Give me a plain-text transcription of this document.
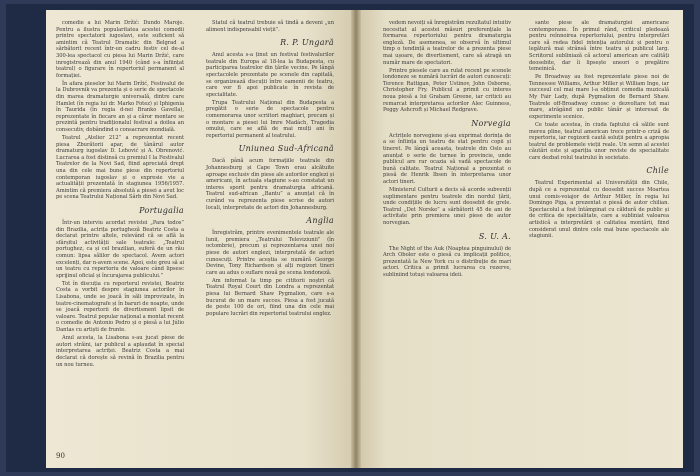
comedie a lui Marin Držić: Dundo Maroje. Pentru a ilustra popularitatea acestei comedii printre spectatorii iugoslavi, este suficient să amintim că Teatrul Dramatic din Belgrad a sărbătorit recent într-un cadru festiv cel de-al 300-lea spectacol cu piesa lui Marin Držić, care inregistrează din anul 1940 (când s-a înființat teatrul) o figurare în repertoriul permanent al formației.

În afara pieselor lui Marin Držić, Festivalul de la Dubrovnik va prezenta și o serie de spectacole din marea dramaturgie universală, dintre care Hamlet (în regia lui dr. Marko Fotez) și Iphigenia în Taurida (în regia d-nei Branko Gavella), reprezentate în fiecare an și a căror montare se prezintă pentru tradiționalul festival a doilea an consecutiv, dobândind o consacrare mondială.

Teatrul „Atelier 212” a reprezentat recent piesa Zburătorii apar, de tânărul autor dramaturg iugoslav D. Lebović și A. Obrenović. Lucrarea a fost distinsă cu premiul I la Festivalul Teatrelor de la Novi Sad, fiind apreciată drept una din cele mai bune piese din repertoriul contemporan iugoslav și o expresie vie a actualității prezentată în stagiunea 1956/1957. Amintim că premiera absolută a piesei a avut loc pe scena Teatrului Național Sârb din Novi Sad.

Portugalia

Într-un interviu acordat revistei „Para todos” din Brazilia, actrița portugheză Beatriz Costa a declarat printre altele, relevând că se află la sfârșitul activității sale teatrale: „Teatrul portughez, ca și cel brazilian, suferă de un rău comun: lipsa sălilor de spectacol. Avem actori excelenți, dar n-avem scene. Apoi, este greu să ai un teatru cu repertoriu de valoare când lipsesc sprijinul oficial și încurajarea publicului.”

Tot în discuția cu reporterul revistei, Beatriz Costa a vorbit despre stagiunea actorilor în Lisabona, unde se joacă în săli improvizate, în teatre-cinematografe și în baruri de noapte, unde se joacă repertorii de divertisment lipsit de valoare. Teatrul popular național a montat recent o comedie de Antonio Pedro și o piesă a lui Júlio Dantas cu artiști de frunte.

Anul acesta, la Lisabona s-au jucat piese de autori străini, iar publicul a aplaudat în special interpretarea actriței. Beatriz Costa a mai declarat că dorește să revină în Brazilia pentru un nou turneu.

Statul că teatrul trebuie să tindă a deveni „un aliment indispensabil vieții”.

R. P. Ungară

Anul acesta s-a ținut un festival festivalurilor teatrale din Europa al 18-lea la Budapesta, cu participarea teatrelor din țările vecine. Pe lângă spectacolele prezentate pe scenele din capitală, se organizează discuții între oamenii de teatru, care vor fi apoi publicate în revista de specialitate.

Trupa Teatrului Național din Budapesta a pregătit o serie de spectacole pentru comemorarea unor scriitori maghiari, precum și o montare a piesei lui Imre Madách, Tragedia omului, care se află de mai mulți ani în repertoriul permanent al teatrului.

Uniunea Sud-Africană

Dacă până acum formațiile teatrale din Johannesburg și Cape Town erau alcătuite aproape exclusiv din piese ale autorilor englezi și americani, în actuala stagiune s-au constatat un interes sporit pentru dramaturgia africană. Teatrul sud-african „Bantu” a anunțat că în curând va reprezenta piese scrise de autori locali, interpretate de actori din Johannesburg.

Anglia

Înregistrăm, printre evenimentele teatrale ale lunii, premiera „Teatrului Televiziunii” (în octombrie), precum și reprezentarea unei noi piese de autori englezi, interpretată de actori cunoscuți. Printre aceștia se numără George Devine, Tony Richardson și alți regizori tineri care au adus o suflare nouă pe scena londoneză.

Am informat la timp pe cititorii noștri că Teatrul Royal Court din Londra a reprezentat piesa lui Bernard Shaw Pygmalion, care s-a bucurat de un mare succes. Piesa a fost jucată de peste 100 de ori, fiind una din cele mai populare lucrări din repertoriul teatrului englez.

90

vedem nevoiți să înregistrăm rezultatul intuitiv necesitat al acestei măsuri preferențiale la formarea repertoriului pentru dramaturgia engleză. De asemenea, se observă în ultimul timp o tendință a teatrelor de a prezenta piese mai ușoare, de divertisment, care să atragă un număr mare de spectatori.

Printre piesele care au rulat recent pe scenele londoneze se numără lucrări de autori cunoscuți: Terence Rattigan, Peter Ustinov, John Osborne, Christopher Fry. Publicul a primit cu interes noua piesă a lui Graham Greene, iar criticii au remarcat interpretarea actorilor Alec Guinness, Peggy Ashcroft și Michael Redgrave.

Norvegia

Actrițele norvegiene și-au exprimat dorința de a se înființa un teatru de stat pentru copii și tineret. Pe lângă aceasta, teatrele din Oslo au anunțat o serie de turnee în provincie, unde publicul are rar ocazia să vadă spectacole de bună calitate. Teatrul Național a prezentat o piesă de Henrik Ibsen în interpretarea unor actori tineri.

Ministerul Culturii a decis să acorde subvenții suplimentare pentru teatrele din nordul țării, unde condițiile de lucru sunt deosebit de grele. Teatrul „Det Norske” a sărbătorit 45 de ani de activitate prin premiera unei piese de autor norvegian.

S. U. A.

The Night of the Auk (Noaptea pinguinului) de Arch Oboler este o piesă cu implicații politice, prezentată la New York cu o distribuție de mari actori. Critica a primit lucrarea cu rezerve, subliniind totuși valoarea ideii.

sante piese ale dramaturgiei americane contemporane. În primul rând, criticul pledează pentru reînnoirea repertoriului, pentru interpretări care să redea fidel intenția autorului și pentru o legătură mai strânsă între teatru și publicul larg. Scriitorul subliniază că actorul american are calități deosebite, dar îi lipsește uneori o pregătire temeinică.

Pe Broadway au fost reprezentate piese noi de Tennessee Williams, Arthur Miller și William Inge, iar succesul cel mai mare l-a obținut comedia muzicală My Fair Lady, după Pygmalion de Bernard Shaw. Teatrele off-Broadway cunosc o dezvoltare tot mai mare, atrăgând un public tânăr și interesat de experimente scenice.

Ce toate acestea, în ciuda faptului că sălile sunt mereu pline, teatrul american trece printr-o criză de repertoriu, iar regizorii caută soluții pentru a apropia teatrul de problemele vieții reale. Un semn al acestei căutări este și apariția unor reviste de specialitate care dezbat rolul teatrului în societate.

Chile

Teatrul Experimental al Universității din Chile, după ce a reprezentat cu deosebit succes Moartea unui comis-voiajor de Arthur Miller, în regia lui Domingo Piga, a prezentat o piesă de autor chilian. Spectacolul a fost întâmpinat cu căldură de public și de critica de specialitate, care a subliniat valoarea artistică a interpretării și calitatea montării, fiind considerat unul dintre cele mai bune spectacole ale stagiunii.
